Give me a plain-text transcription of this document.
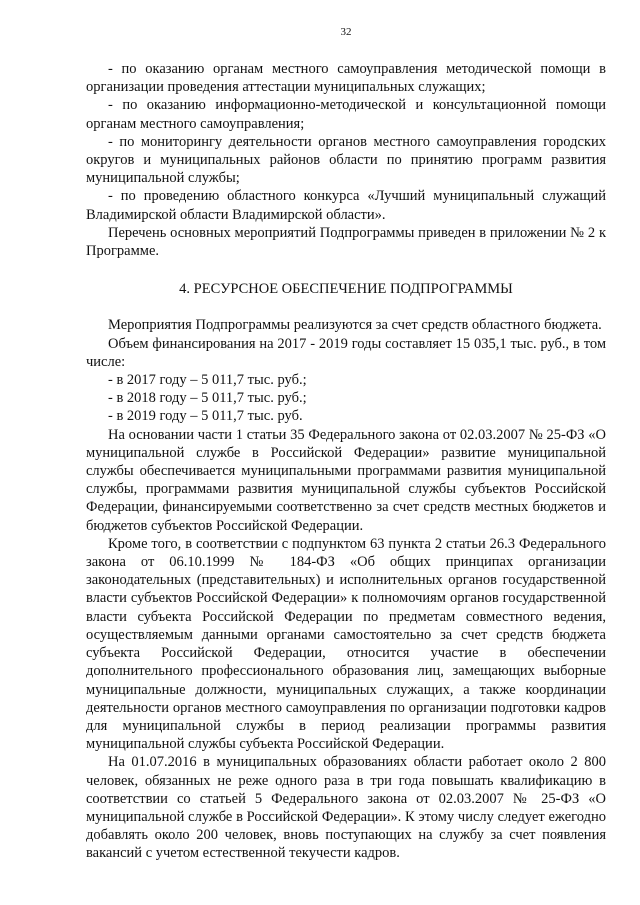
32

- по оказанию органам местного самоуправления методической помощи в организации проведения аттестации муниципальных служащих;

- по оказанию информационно-методической и консультационной помощи органам местного самоуправления;

- по мониторингу деятельности органов местного самоуправления городских округов и муниципальных районов области по принятию программ развития муниципальной службы;

- по проведению областного конкурса «Лучший муниципальный служащий Владимирской области Владимирской области».

Перечень основных мероприятий Подпрограммы приведен в приложении № 2 к Программе.

4. РЕСУРСНОЕ ОБЕСПЕЧЕНИЕ ПОДПРОГРАММЫ

Мероприятия Подпрограммы реализуются за счет средств областного бюджета.

Объем финансирования на 2017 - 2019 годы составляет 15 035,1 тыс. руб., в том числе:

- в 2017 году – 5 011,7 тыс. руб.;

- в 2018 году – 5 011,7 тыс. руб.;

- в 2019 году – 5 011,7 тыс. руб.

На основании части 1 статьи 35 Федерального закона от 02.03.2007 № 25-ФЗ «О муниципальной службе в Российской Федерации» развитие муниципальной службы обеспечивается муниципальными программами развития муниципальной службы, программами развития муниципальной службы субъектов Российской Федерации, финансируемыми соответственно за счет средств местных бюджетов и бюджетов субъектов Российской Федерации.

Кроме того, в соответствии с подпунктом 63 пункта 2 статьи 26.3 Федерального закона от 06.10.1999 № 184-ФЗ «Об общих принципах организации законодательных (представительных) и исполнительных органов государственной власти субъектов Российской Федерации» к полномочиям органов государственной власти субъекта Российской Федерации по предметам совместного ведения, осуществляемым данными органами самостоятельно за счет средств бюджета субъекта Российской Федерации, относится участие в обеспечении дополнительного профессионального образования лиц, замещающих выборные муниципальные должности, муниципальных служащих, а также координации деятельности органов местного самоуправления по организации подготовки кадров для муниципальной службы в период реализации программы развития муниципальной службы субъекта Российской Федерации.

На 01.07.2016 в муниципальных образованиях области работает около 2 800 человек, обязанных не реже одного раза в три года повышать квалификацию в соответствии со статьей 5 Федерального закона от 02.03.2007 № 25-ФЗ «О муниципальной службе в Российской Федерации». К этому числу следует ежегодно добавлять около 200 человек, вновь поступающих на службу за счет появления вакансий с учетом естественной текучести кадров.
